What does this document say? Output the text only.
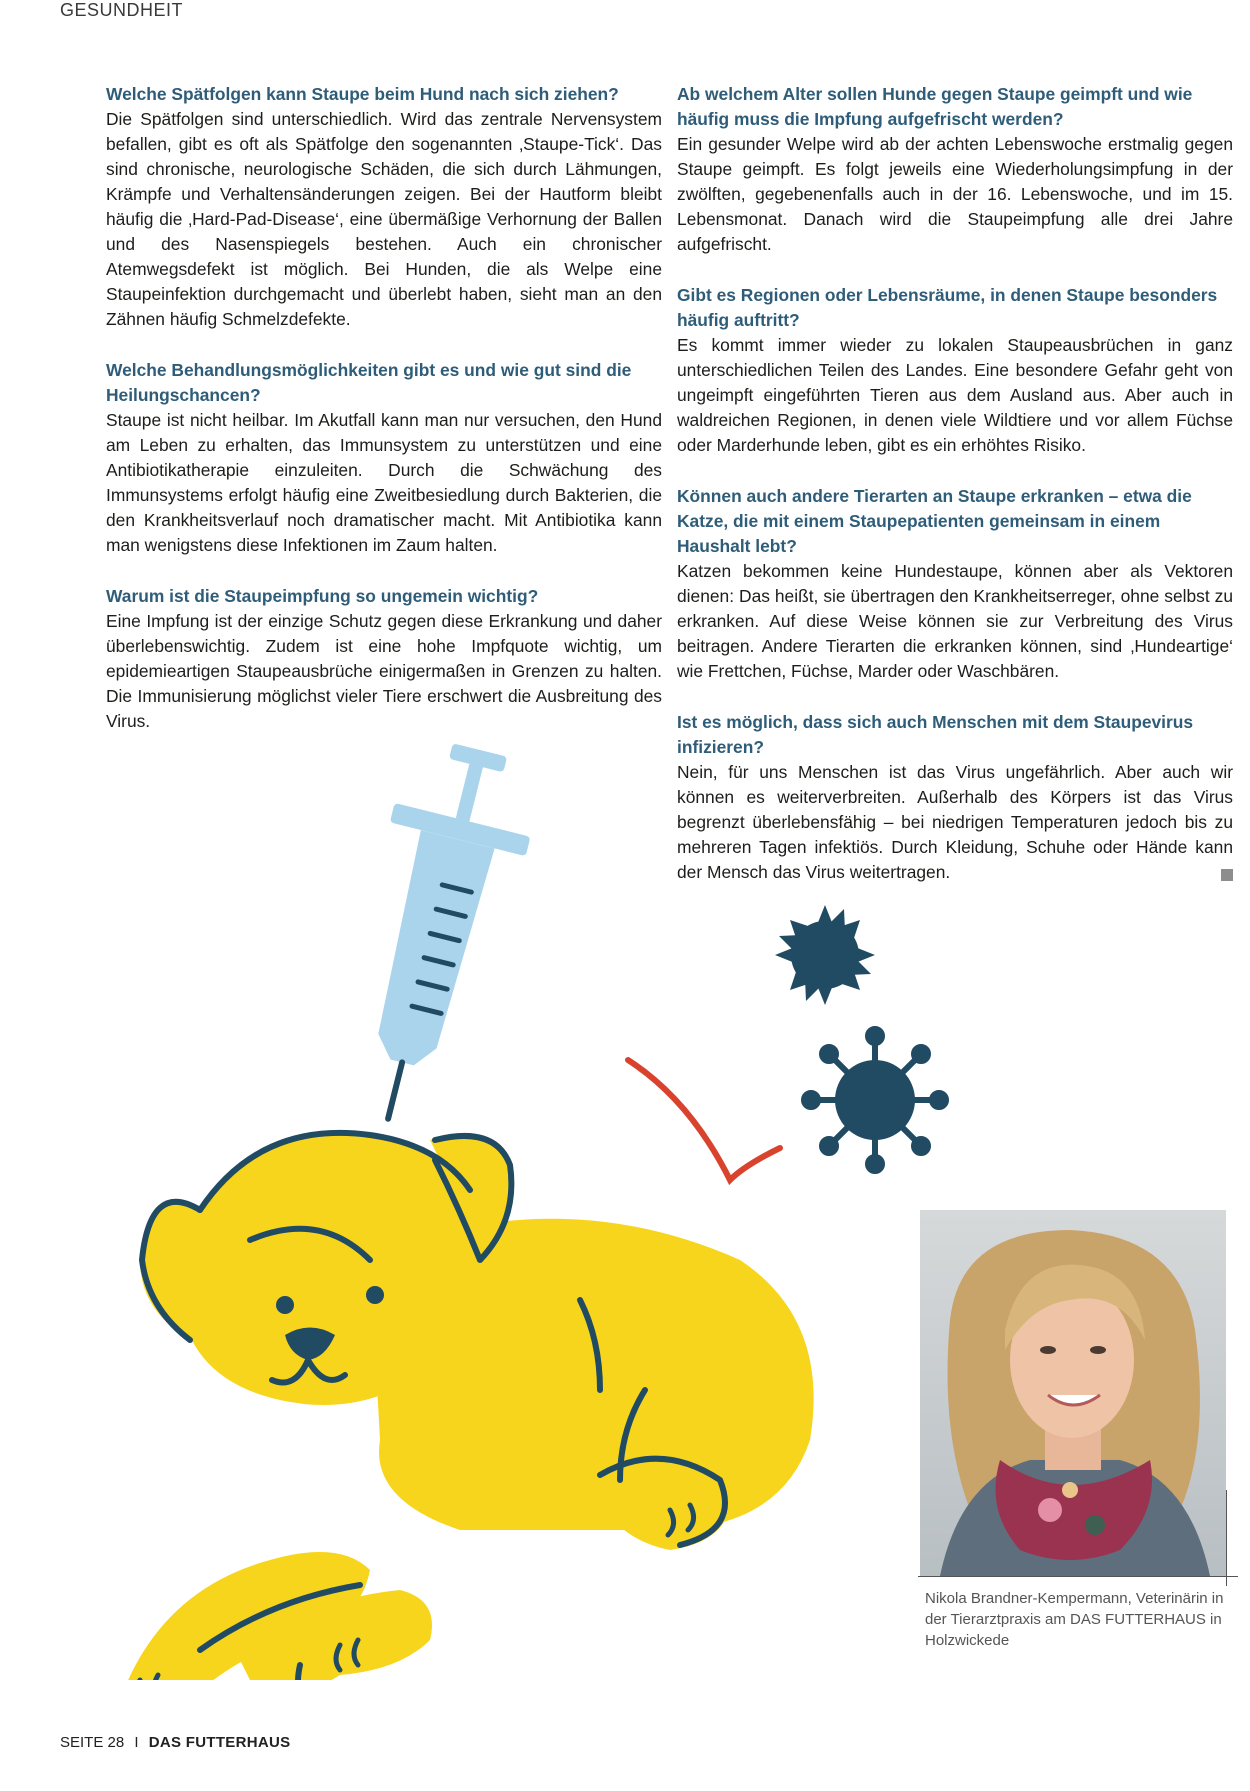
GESUNDHEIT

Welche Spätfolgen kann Staupe beim Hund nach sich ziehen?

Die Spätfolgen sind unterschiedlich. Wird das zentrale Nervensystem befallen, gibt es oft als Spätfolge den sogenannten ‚Staupe-Tick‘. Das sind chronische, neurologische Schäden, die sich durch Lähmungen, Krämpfe und Verhaltensänderungen zeigen. Bei der Hautform bleibt häufig die ‚Hard-Pad-Disease‘, eine übermäßige Verhornung der Ballen und des Nasenspiegels bestehen. Auch ein chronischer Atemwegsdefekt ist möglich. Bei Hunden, die als Welpe eine Staupeinfektion durchgemacht und überlebt haben, sieht man an den Zähnen häufig Schmelzdefekte.

Welche Behandlungsmöglichkeiten gibt es und wie gut sind die Heilungschancen?

Staupe ist nicht heilbar. Im Akutfall kann man nur versuchen, den Hund am Leben zu erhalten, das Immunsystem zu unterstützen und eine Antibiotikatherapie einzuleiten. Durch die Schwächung des Immunsystems erfolgt häufig eine Zweitbesiedlung durch Bakterien, die den Krankheitsverlauf noch dramatischer macht. Mit Antibiotika kann man wenigstens diese Infektionen im Zaum halten.

Warum ist die Staupeimpfung so ungemein wichtig?

Eine Impfung ist der einzige Schutz gegen diese Erkrankung und daher überlebenswichtig. Zudem ist eine hohe Impfquote wichtig, um epidemieartigen Staupeausbrüche einigermaßen in Grenzen zu halten. Die Immunisierung möglichst vieler Tiere erschwert die Ausbreitung des Virus.

Ab welchem Alter sollen Hunde gegen Staupe geimpft und wie häufig muss die Impfung aufgefrischt werden?

Ein gesunder Welpe wird ab der achten Lebenswoche erstmalig gegen Staupe geimpft. Es folgt jeweils eine Wiederholungsimpfung in der zwölften, gegebenenfalls auch in der 16. Lebenswoche, und im 15. Lebensmonat. Danach wird die Staupeimpfung alle drei Jahre aufgefrischt.

Gibt es Regionen oder Lebensräume, in denen Staupe besonders häufig auftritt?

Es kommt immer wieder zu lokalen Staupeausbrüchen in ganz unterschiedlichen Teilen des Landes. Eine besondere Gefahr geht von ungeimpft eingeführten Tieren aus dem Ausland aus. Aber auch in waldreichen Regionen, in denen viele Wildtiere und vor allem Füchse oder Marderhunde leben, gibt es ein erhöhtes Risiko.

Können auch andere Tierarten an Staupe erkranken – etwa die Katze, die mit einem Staupepatienten gemeinsam in einem Haushalt lebt?

Katzen bekommen keine Hundestaupe, können aber als Vektoren dienen: Das heißt, sie übertragen den Krankheitserreger, ohne selbst zu erkranken. Auf diese Weise können sie zur Verbreitung des Virus beitragen. Andere Tierarten die erkranken können, sind ‚Hundeartige‘ wie Frettchen, Füchse, Marder oder Waschbären.

Ist es möglich, dass sich auch Menschen mit dem Staupevirus infizieren?

Nein, für uns Menschen ist das Virus ungefährlich. Aber auch wir können es weiterverbreiten. Außerhalb des Körpers ist das Virus begrenzt überlebensfähig – bei niedrigen Temperaturen jedoch bis zu mehreren Tagen infektiös. Durch Kleidung, Schuhe oder Hände kann der Mensch das Virus weitertragen.

Nikola Brandner-Kempermann, Veterinärin in der Tierarztpraxis am DAS FUTTERHAUS in Holzwickede
SEITE 28 I DAS FUTTERHAUS
